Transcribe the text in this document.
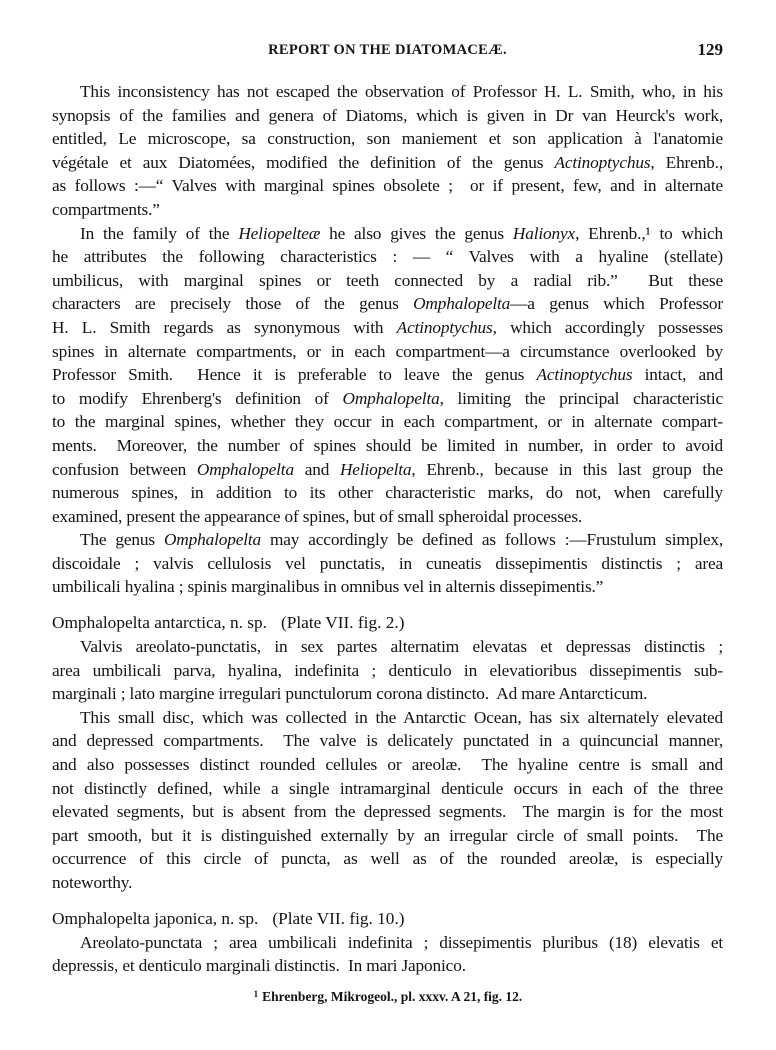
REPORT ON THE DIATOMACEÆ.	129
This inconsistency has not escaped the observation of Professor H. L. Smith, who, in his
synopsis of the families and genera of Diatoms, which is given in Dr van Heurck's work,
entitled, Le microscope, sa construction, son maniement et son application à l'anatomie
végétale et aux Diatomées, modified the definition of the genus Actinoptychus, Ehrenb.,
as follows :—“ Valves with marginal spines obsolete ;  or if present, few, and in alternate
compartments.”
In the family of the Heliopelteæ he also gives the genus Halionyx, Ehrenb.,¹ to which
he attributes the following characteristics : — “ Valves with a hyaline (stellate)
umbilicus, with marginal spines or teeth connected by a radial rib.”  But these
characters are precisely those of the genus Omphalopelta—a genus which Professor
H. L. Smith regards as synonymous with Actinoptychus, which accordingly possesses
spines in alternate compartments, or in each compartment—a circumstance overlooked by
Professor Smith.  Hence it is preferable to leave the genus Actinoptychus intact, and
to modify Ehrenberg's definition of Omphalopelta, limiting the principal characteristic
to the marginal spines, whether they occur in each compartment, or in alternate compart-
ments.  Moreover, the number of spines should be limited in number, in order to avoid
confusion between Omphalopelta and Heliopelta, Ehrenb., because in this last group the
numerous spines, in addition to its other characteristic marks, do not, when carefully
examined, present the appearance of spines, but of small spheroidal processes.
The genus Omphalopelta may accordingly be defined as follows :—Frustulum simplex,
discoidale ; valvis cellulosis vel punctatis, in cuneatis dissepimentis distinctis ; area
umbilicali hyalina ; spinis marginalibus in omnibus vel in alternis dissepimentis.”
Omphalopelta antarctica, n. sp. (Plate VII. fig. 2.)
Valvis areolato-punctatis, in sex partes alternatim elevatas et depressas distinctis ;
area umbilicali parva, hyalina, indefinita ; denticulo in elevatioribus dissepimentis sub-
marginali ; lato margine irregulari punctulorum corona distincto.  Ad mare Antarcticum.
This small disc, which was collected in the Antarctic Ocean, has six alternately elevated
and depressed compartments.  The valve is delicately punctated in a quincuncial manner,
and also possesses distinct rounded cellules or areolæ.  The hyaline centre is small and
not distinctly defined, while a single intramarginal denticule occurs in each of the three
elevated segments, but is absent from the depressed segments.  The margin is for the most
part smooth, but it is distinguished externally by an irregular circle of small points.  The
occurrence of this circle of puncta, as well as of the rounded areolæ, is especially
noteworthy.
Omphalopelta japonica, n. sp. (Plate VII. fig. 10.)
Areolato-punctata ; area umbilicali indefinita ; dissepimentis pluribus (18) elevatis et
depressis, et denticulo marginali distinctis.  In mari Japonico.
$^1$ Ehrenberg, Mikrogeol., pl. xxxv. A 21, fig. 12.
